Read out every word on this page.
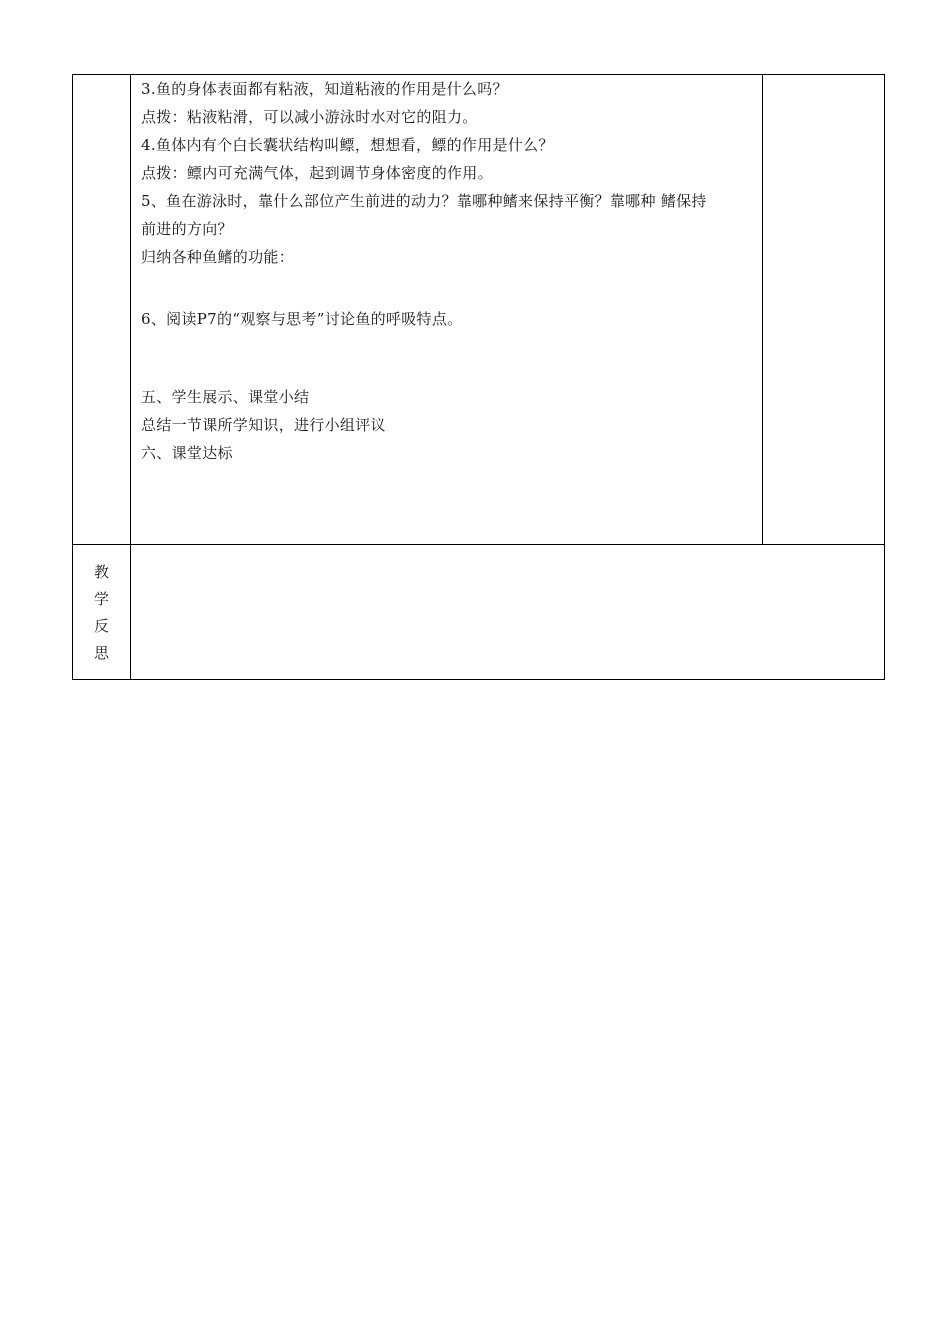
3.鱼的身体表面都有粘液，知道粘液的作用是什么吗？
点拨：粘液粘滑，可以减小游泳时水对它的阻力。
4.鱼体内有个白长囊状结构叫鳔，想想看，鳔的作用是什么？
点拨：鳔内可充满气体，起到调节身体密度的作用。
5、鱼在游泳时，靠什么部位产生前进的动力？靠哪种鳍来保持平衡？靠哪种 鳍保持
前进的方向？
归纳各种鱼鳍的功能：
6、阅读P7的“观察与思考”讨论鱼的呼吸特点。
五、学生展示、课堂小结
总结一节课所学知识，进行小组评议
六、课堂达标
教
学
反
思
